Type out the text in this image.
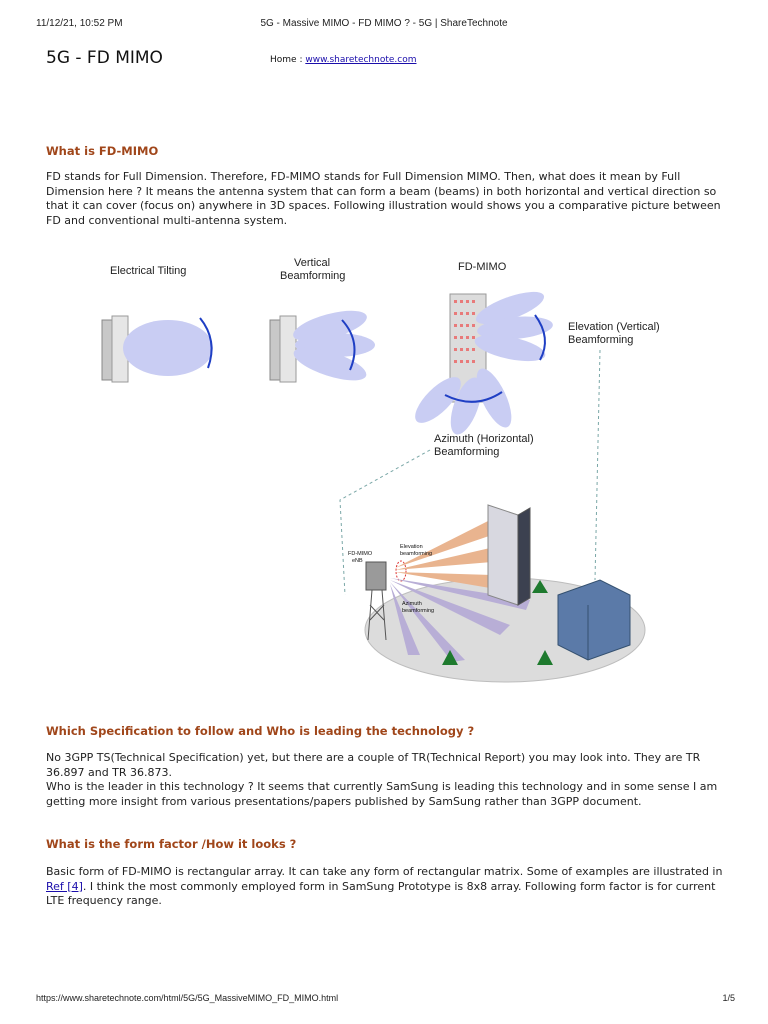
11/12/21, 10:52 PM	5G - Massive MIMO - FD MIMO ? - 5G | ShareTechnote
5G - FD MIMO	Home : www.sharetechnote.com
What is FD-MIMO

FD stands for Full Dimension. Therefore, FD-MIMO stands for Full Dimension MIMO. Then, what does it mean by Full Dimension here ? It means the antenna system that can form a beam (beams) in both horizontal and vertical direction so that it can cover (focus on) anywhere in 3D spaces. Following illustration would shows you a comparative picture between FD and conventional multi-antenna system.

Electrical Tilting
Vertical
Beamforming
FD-MIMO
Elevation (Vertical)
Beamforming
Azimuth (Horizontal)
Beamforming
FD-MIMO
eNB
Elevation
beamforming
Azimuth
beamforming
Which Specification to follow and Who is leading the technology ?

No 3GPP TS(Technical Specification) yet, but there are a couple of TR(Technical Report) you may look into. They are TR 36.897 and TR 36.873.

Who is the leader in this technology ? It seems that currently SamSung is leading this technology and in some sense I am getting more insight from various presentations/papers published by SamSung rather than 3GPP document.

What is the form factor /How it looks ?

Basic form of FD-MIMO is rectangular array. It can take any form of rectangular matrix. Some of examples are illustrated in Ref [4]. I think the most commonly employed form in SamSung Prototype is 8x8 array. Following form factor is for current LTE frequency range.

https://www.sharetechnote.com/html/5G/5G_MassiveMIMO_FD_MIMO.html	1/5
